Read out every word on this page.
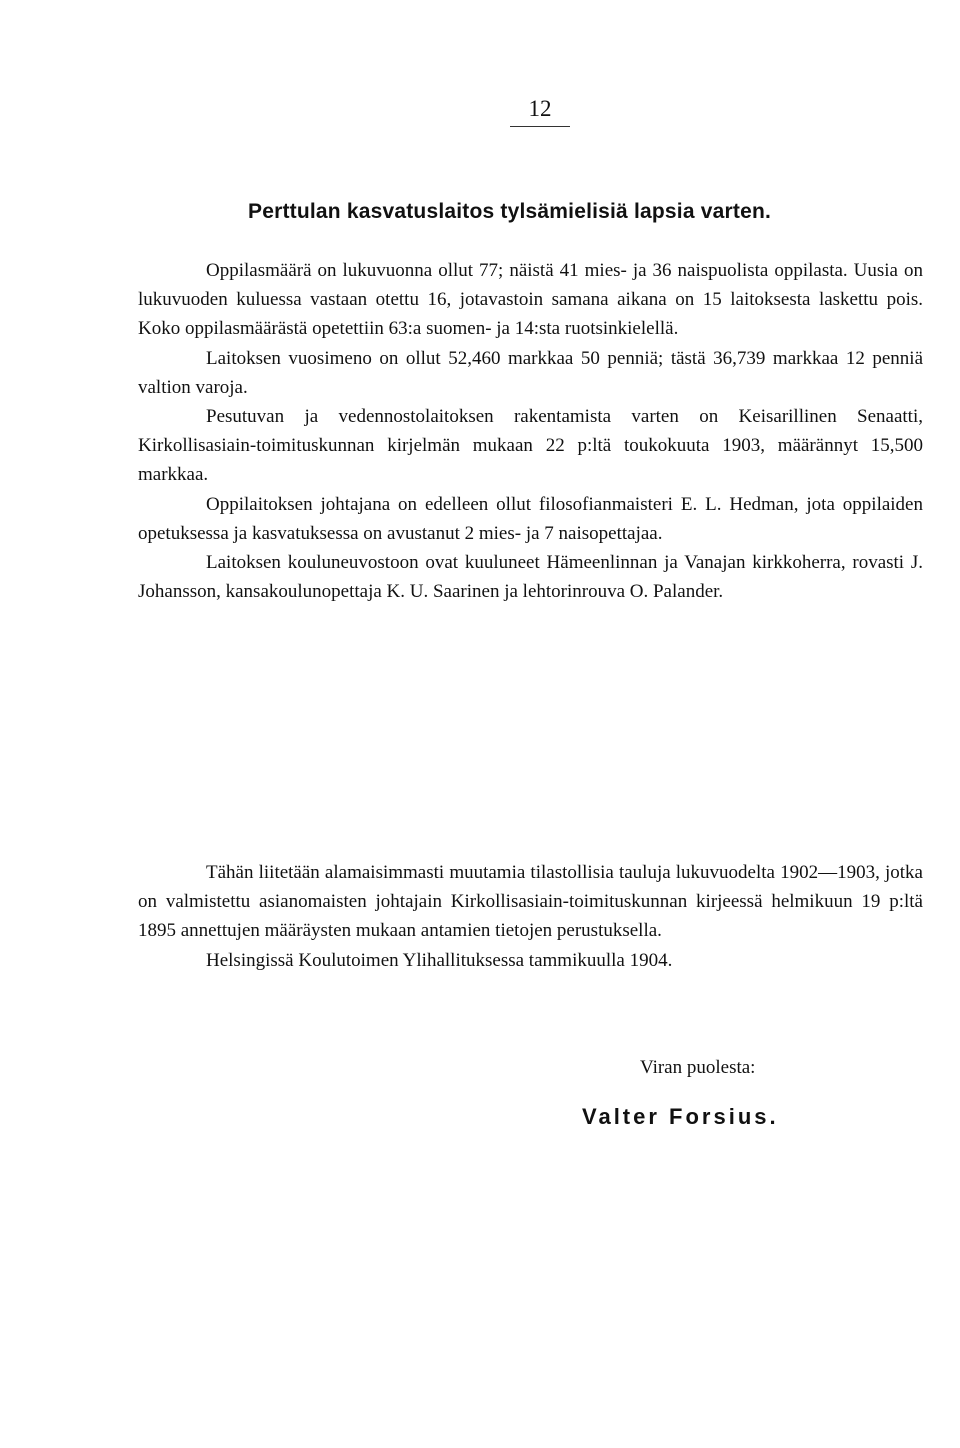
12
Perttulan kasvatuslaitos tylsämielisiä lapsia varten.

Oppilasmäärä on lukuvuonna ollut 77; näistä 41 mies- ja 36 naispuolista oppilasta. Uusia on lukuvuoden kuluessa vastaan otettu 16, jotavastoin samana aikana on 15 laitoksesta laskettu pois. Koko oppilasmäärästä opetettiin 63:a suomen- ja 14:sta ruotsinkielellä.

Laitoksen vuosimeno on ollut 52,460 markkaa 50 penniä; tästä 36,739 markkaa 12 penniä valtion varoja.

Pesutuvan ja vedennostolaitoksen rakentamista varten on Keisarillinen Senaatti, Kirkollisasiain-toimituskunnan kirjelmän mukaan 22 p:ltä toukokuuta 1903, määrännyt 15,500 markkaa.

Oppilaitoksen johtajana on edelleen ollut filosofianmaisteri E. L. Hedman, jota oppilaiden opetuksessa ja kasvatuksessa on avustanut 2 mies- ja 7 naisopettajaa.

Laitoksen kouluneuvostoon ovat kuuluneet Hämeenlinnan ja Vanajan kirkkoherra, rovasti J. Johansson, kansakoulunopettaja K. U. Saarinen ja lehtorinrouva O. Palander.

Tähän liitetään alamaisimmasti muutamia tilastollisia tauluja lukuvuodelta 1902—1903, jotka on valmistettu asianomaisten johtajain Kirkollisasiain-toimituskunnan kirjeessä helmikuun 19 p:ltä 1895 annettujen määräysten mukaan antamien tietojen perustuksella.

Helsingissä Koulutoimen Ylihallituksessa tammikuulla 1904.

Viran puolesta:
Valter Forsius.
